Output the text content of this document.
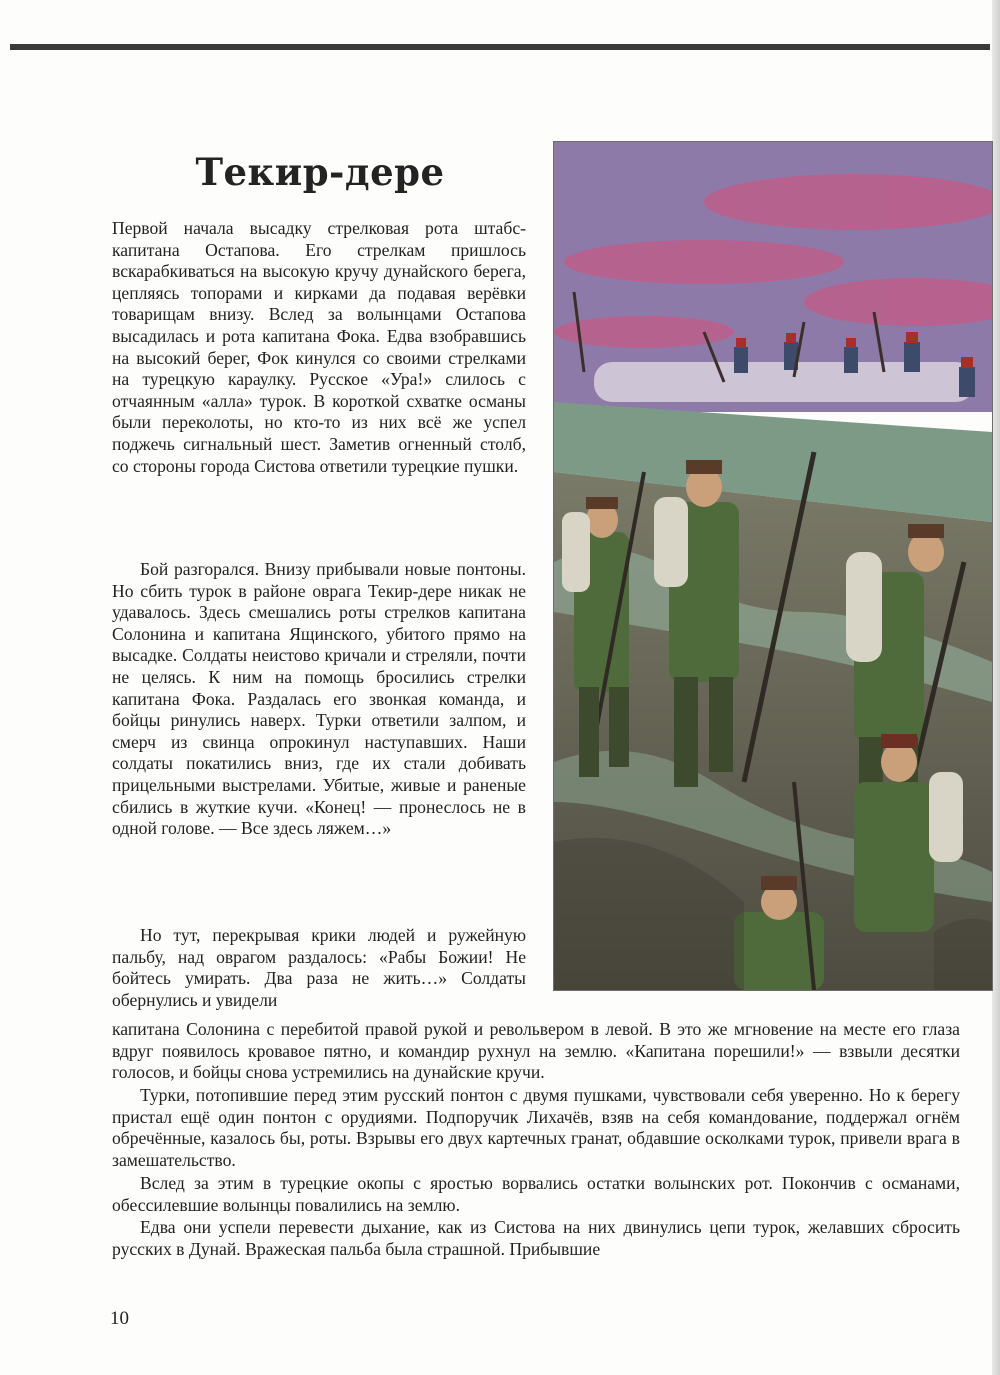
Текир-дере

Первой начала высадку стрелковая рота штабс-капитана Остапова. Его стрелкам пришлось вскарабкиваться на высокую кручу дунайского берега, цепляясь топорами и кирками да подавая верёвки товарищам внизу. Вслед за волынцами Остапова высадилась и рота капитана Фока. Едва взобравшись на высокий берег, Фок кинулся со своими стрелками на турецкую караулку. Русское «Ура!» слилось с отчаянным «алла» турок. В короткой схватке османы были переколоты, но кто-то из них всё же успел поджечь сигнальный шест. Заметив огненный столб, со стороны города Систова ответили турецкие пушки.

Бой разгорался. Внизу прибывали новые понтоны. Но сбить турок в районе оврага Текир-дере никак не удавалось. Здесь смешались роты стрелков капитана Солонина и капитана Ящинского, убитого прямо на высадке. Солдаты неистово кричали и стреляли, почти не целясь. К ним на помощь бросились стрелки капитана Фока. Раздалась его звонкая команда, и бойцы ринулись наверх. Турки ответили залпом, и смерч из свинца опрокинул наступавших. Наши солдаты покатились вниз, где их стали добивать прицельными выстрелами. Убитые, живые и раненые сбились в жуткие кучи. «Конец! — пронеслось не в одной голове. — Все здесь ляжем…»

Но тут, перекрывая крики людей и ружейную пальбу, над оврагом раздалось: «Рабы Божии! Не бойтесь умирать. Два раза не жить…» Солдаты обернулись и увидели

капитана Солонина с перебитой правой рукой и револьвером в левой. В это же мгновение на месте его глаза вдруг появилось кровавое пятно, и командир рухнул на землю. «Капитана порешили!» — взвыли десятки голосов, и бойцы снова устремились на дунайские кручи.

Турки, потопившие перед этим русский понтон с двумя пушками, чувствовали себя уверенно. Но к берегу пристал ещё один понтон с орудиями. Подпоручик Лихачёв, взяв на себя командование, поддержал огнём обречённые, казалось бы, роты. Взрывы его двух картечных гранат, обдавшие осколками турок, привели врага в замешательство.

Вслед за этим в турецкие окопы с яростью ворвались остатки волынских рот. Покончив с османами, обессилевшие волынцы повалились на землю.

Едва они успели перевести дыхание, как из Систова на них двинулись цепи турок, желавших сбросить русских в Дунай. Вражеская пальба была страшной. Прибывшие

10
